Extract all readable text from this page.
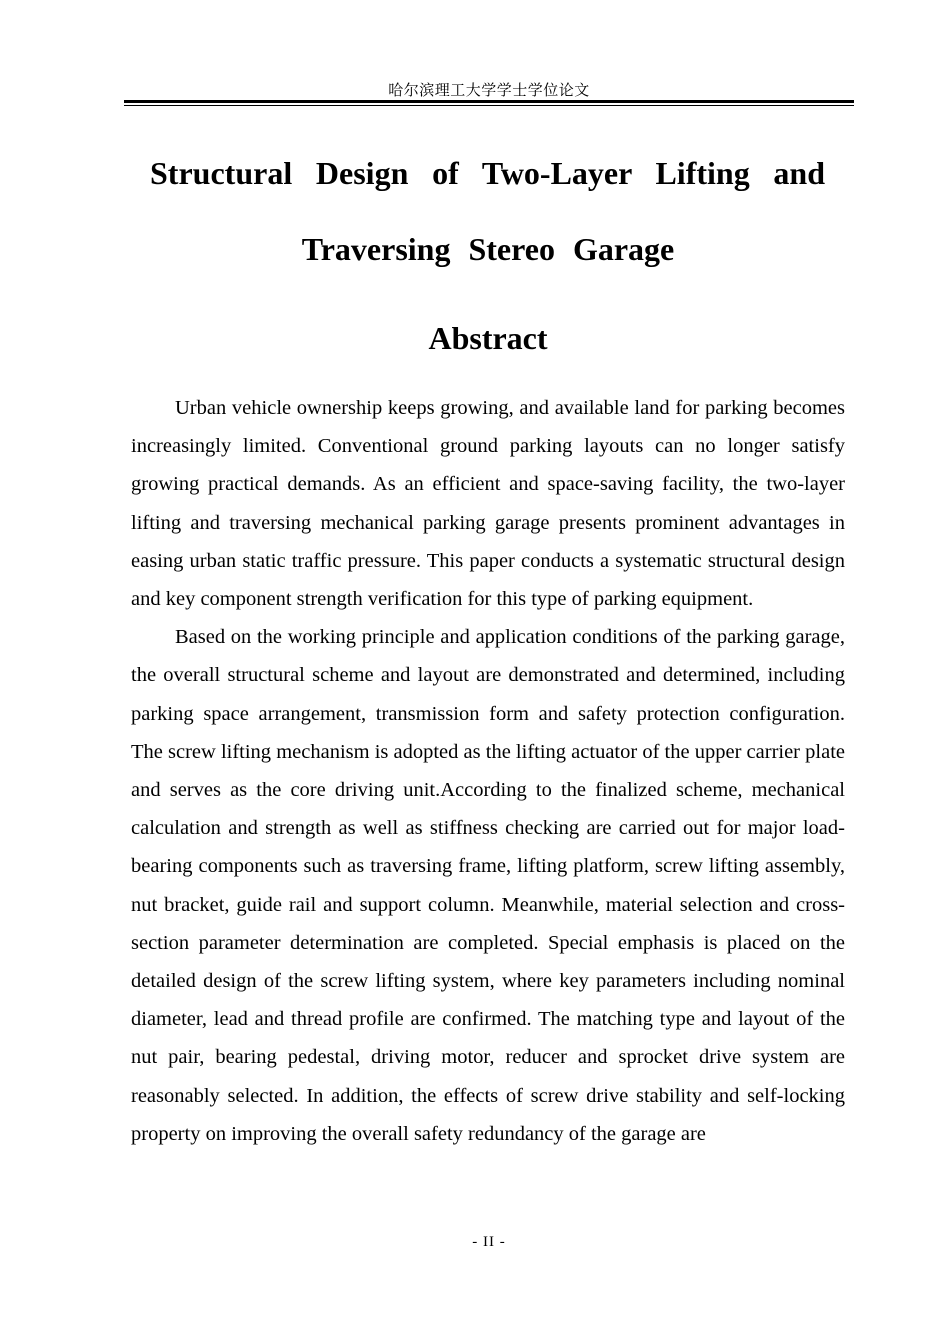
哈尔滨理工大学学士学位论文
Structural Design of Two-Layer Lifting and
Traversing Stereo Garage
Abstract

Urban vehicle ownership keeps growing, and available land for parking becomes increasingly limited. Conventional ground parking layouts can no longer satisfy growing practical demands. As an efficient and space-saving facility, the two-layer lifting and traversing mechanical parking garage presents prominent advantages in easing urban static traffic pressure. This paper conducts a systematic structural design and key component strength verification for this type of parking equipment.

Based on the working principle and application conditions of the parking garage, the overall structural scheme and layout are demonstrated and determined, including parking space arrangement, transmission form and safety protection configuration. The screw lifting mechanism is adopted as the lifting actuator of the upper carrier plate and serves as the core driving unit.According to the finalized scheme, mechanical calculation and strength as well as stiffness checking are carried out for major load-bearing components such as traversing frame, lifting platform, screw lifting assembly, nut bracket, guide rail and support column. Meanwhile, material selection and cross-section parameter determination are completed. Special emphasis is placed on the detailed design of the screw lifting system, where key parameters including nominal diameter, lead and thread profile are confirmed. The matching type and layout of the nut pair, bearing pedestal, driving motor, reducer and sprocket drive system are reasonably selected. In addition, the effects of screw drive stability and self-locking property on improving the overall safety redundancy of the garage are

- II -
